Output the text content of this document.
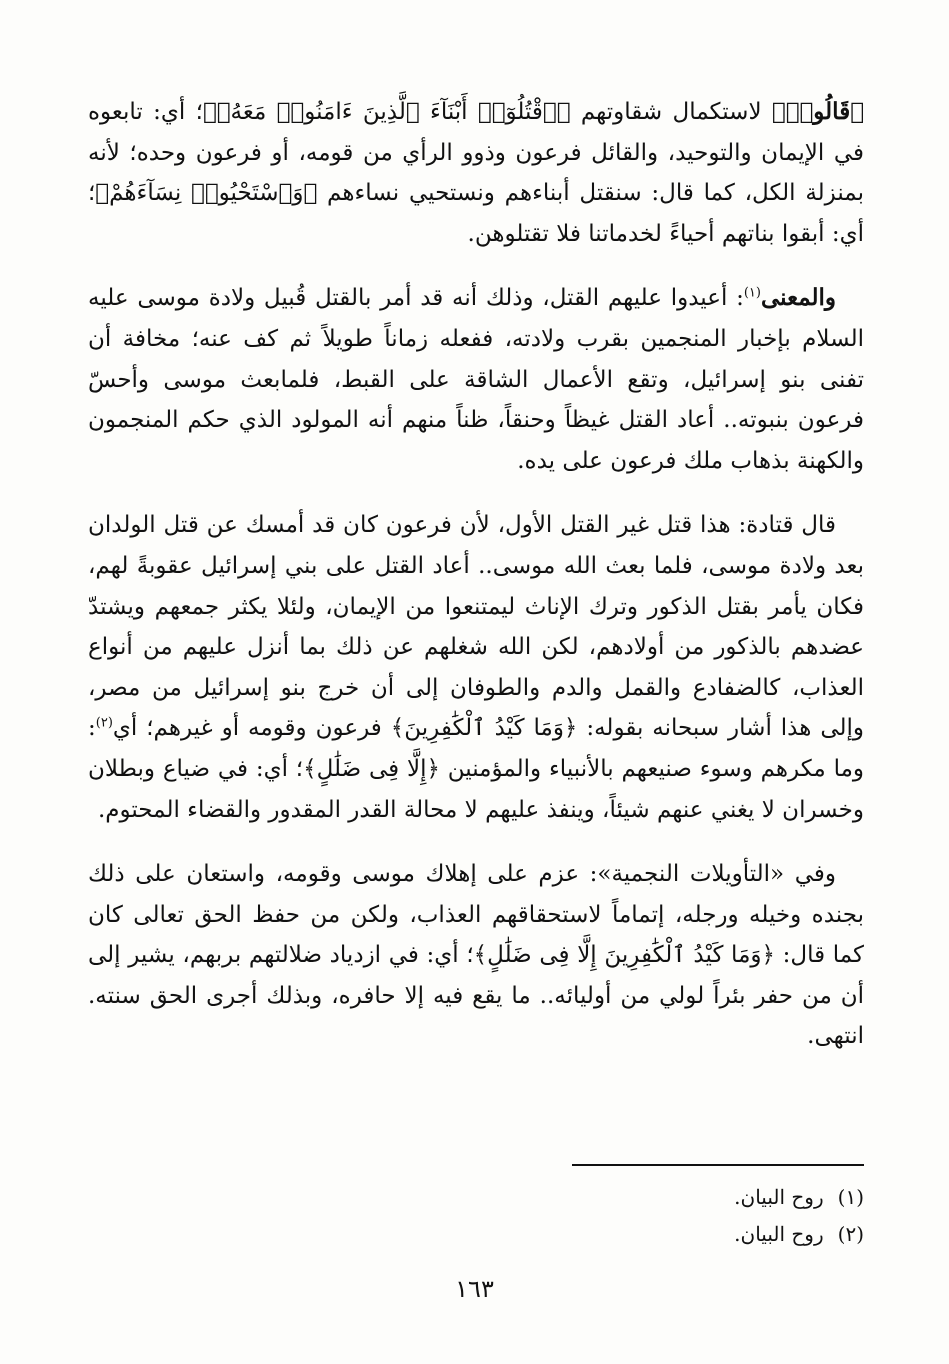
﴿قَالُوا۟﴾ لاستكمال شقاوتهم ﴿ٱقْتُلُوٓا۟ أَبْنَآءَ ٱلَّذِينَ ءَامَنُوا۟ مَعَهُۥ﴾؛ أي: تابعوه في الإيمان والتوحيد، والقائل فرعون وذوو الرأي من قومه، أو فرعون وحده؛ لأنه بمنزلة الكل، كما قال: سنقتل أبناءهم ونستحيي نساءهم ﴿وَٱسْتَحْيُوا۟ نِسَآءَهُمْ﴾؛ أي: أبقوا بناتهم أحياءً لخدماتنا فلا تقتلوهن.

والمعنى$^{(١)}$: أعيدوا عليهم القتل، وذلك أنه قد أمر بالقتل قُبيل ولادة موسى عليه السلام بإخبار المنجمين بقرب ولادته، ففعله زماناً طويلاً ثم كف عنه؛ مخافة أن تفنى بنو إسرائيل، وتقع الأعمال الشاقة على القبط، فلمابعث موسى وأحسّ فرعون بنبوته.. أعاد القتل غيظاً وحنقاً، ظناً منهم أنه المولود الذي حكم المنجمون والكهنة بذهاب ملك فرعون على يده.

قال قتادة: هذا قتل غير القتل الأول، لأن فرعون كان قد أمسك عن قتل الولدان بعد ولادة موسى، فلما بعث الله موسى.. أعاد القتل على بني إسرائيل عقوبةً لهم، فكان يأمر بقتل الذكور وترك الإناث ليمتنعوا من الإيمان، ولئلا يكثر جمعهم ويشتدّ عضدهم بالذكور من أولادهم، لكن الله شغلهم عن ذلك بما أنزل عليهم من أنواع العذاب، كالضفادع والقمل والدم والطوفان إلى أن خرج بنو إسرائيل من مصر، وإلى هذا أشار سبحانه بقوله: ﴿وَمَا كَيْدُ ٱلْكَٰفِرِينَ﴾ فرعون وقومه أو غيرهم؛ أي$^{(٢)}$: وما مكرهم وسوء صنيعهم بالأنبياء والمؤمنين ﴿إِلَّا فِى ضَلَٰلٍ﴾؛ أي: في ضياع وبطلان وخسران لا يغني عنهم شيئاً، وينفذ عليهم لا محالة القدر المقدور والقضاء المحتوم.

وفي «التأويلات النجمية»: عزم على إهلاك موسى وقومه، واستعان على ذلك بجنده وخيله ورجله، إتماماً لاستحقاقهم العذاب، ولكن من حفظ الحق تعالى كان كما قال: ﴿وَمَا كَيْدُ ٱلْكَٰفِرِينَ إِلَّا فِى ضَلَٰلٍ﴾؛ أي: في ازدياد ضلالتهم بربهم، يشير إلى أن من حفر بئراً لولي من أوليائه.. ما يقع فيه إلا حافره، وبذلك أجرى الحق سنته. انتهى.

(١)روح البيان.

(٢)روح البيان.

١٦٣
